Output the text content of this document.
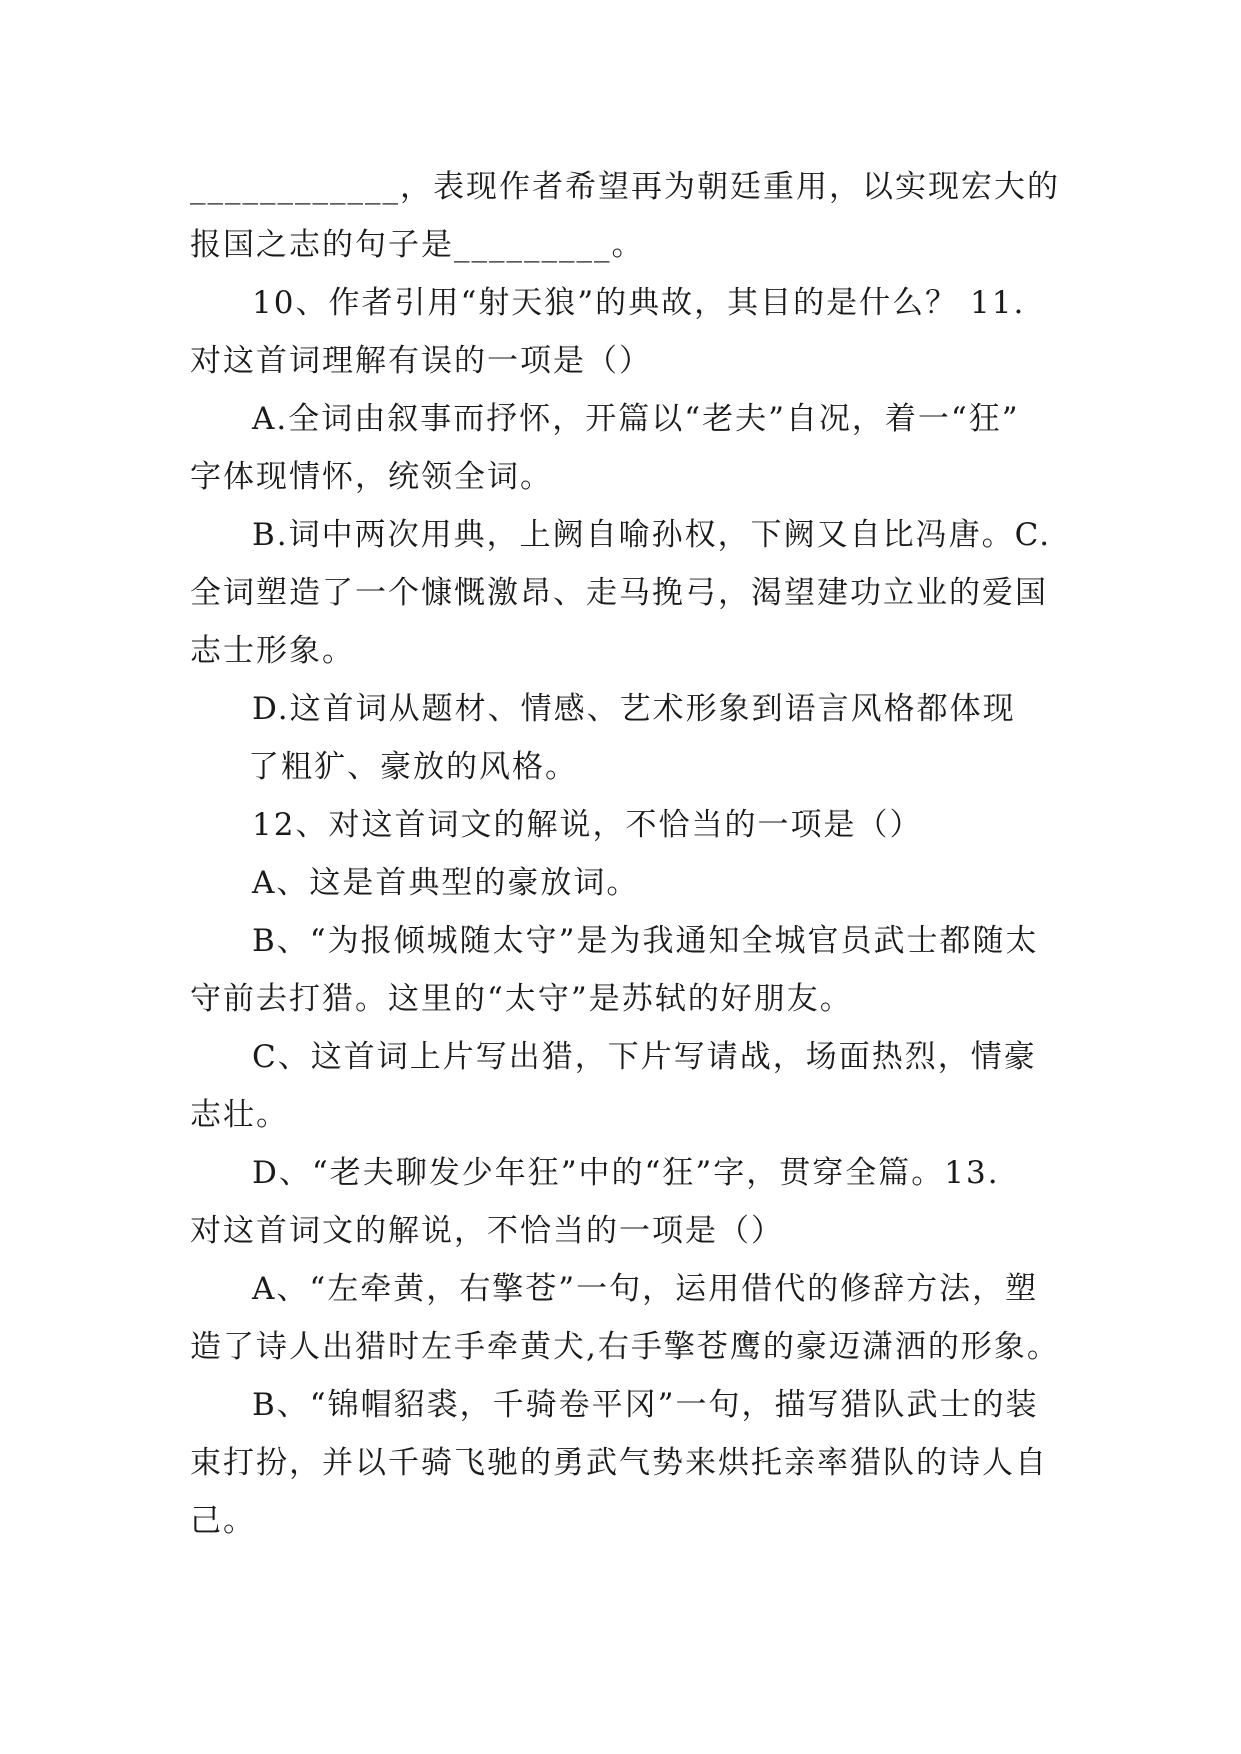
____________，表现作者希望再为朝廷重用，以实现宏大的
报国之志的句子是_________。
10、作者引用“射天狼”的典故，其目的是什么？ 11.
对这首词理解有误的一项是（）
A.全词由叙事而抒怀，开篇以“老夫”自况，着一“狂”
字体现情怀，统领全词。
B.词中两次用典，上阙自喻孙权，下阙又自比冯唐。C.
全词塑造了一个慷慨激昂、走马挽弓，渴望建功立业的爱国
志士形象。
D.这首词从题材、情感、艺术形象到语言风格都体现
了粗犷、豪放的风格。
12、对这首词文的解说，不恰当的一项是（）
A、这是首典型的豪放词。
B、“为报倾城随太守”是为我通知全城官员武士都随太
守前去打猎。这里的“太守”是苏轼的好朋友。
C、这首词上片写出猎，下片写请战，场面热烈，情豪
志壮。
D、“老夫聊发少年狂”中的“狂”字，贯穿全篇。13.
对这首词文的解说，不恰当的一项是（）
A、“左牵黄，右擎苍”一句，运用借代的修辞方法，塑
造了诗人出猎时左手牵黄犬,右手擎苍鹰的豪迈潇洒的形象。
B、“锦帽貂裘，千骑卷平冈”一句，描写猎队武士的装
束打扮，并以千骑飞驰的勇武气势来烘托亲率猎队的诗人自
己。
